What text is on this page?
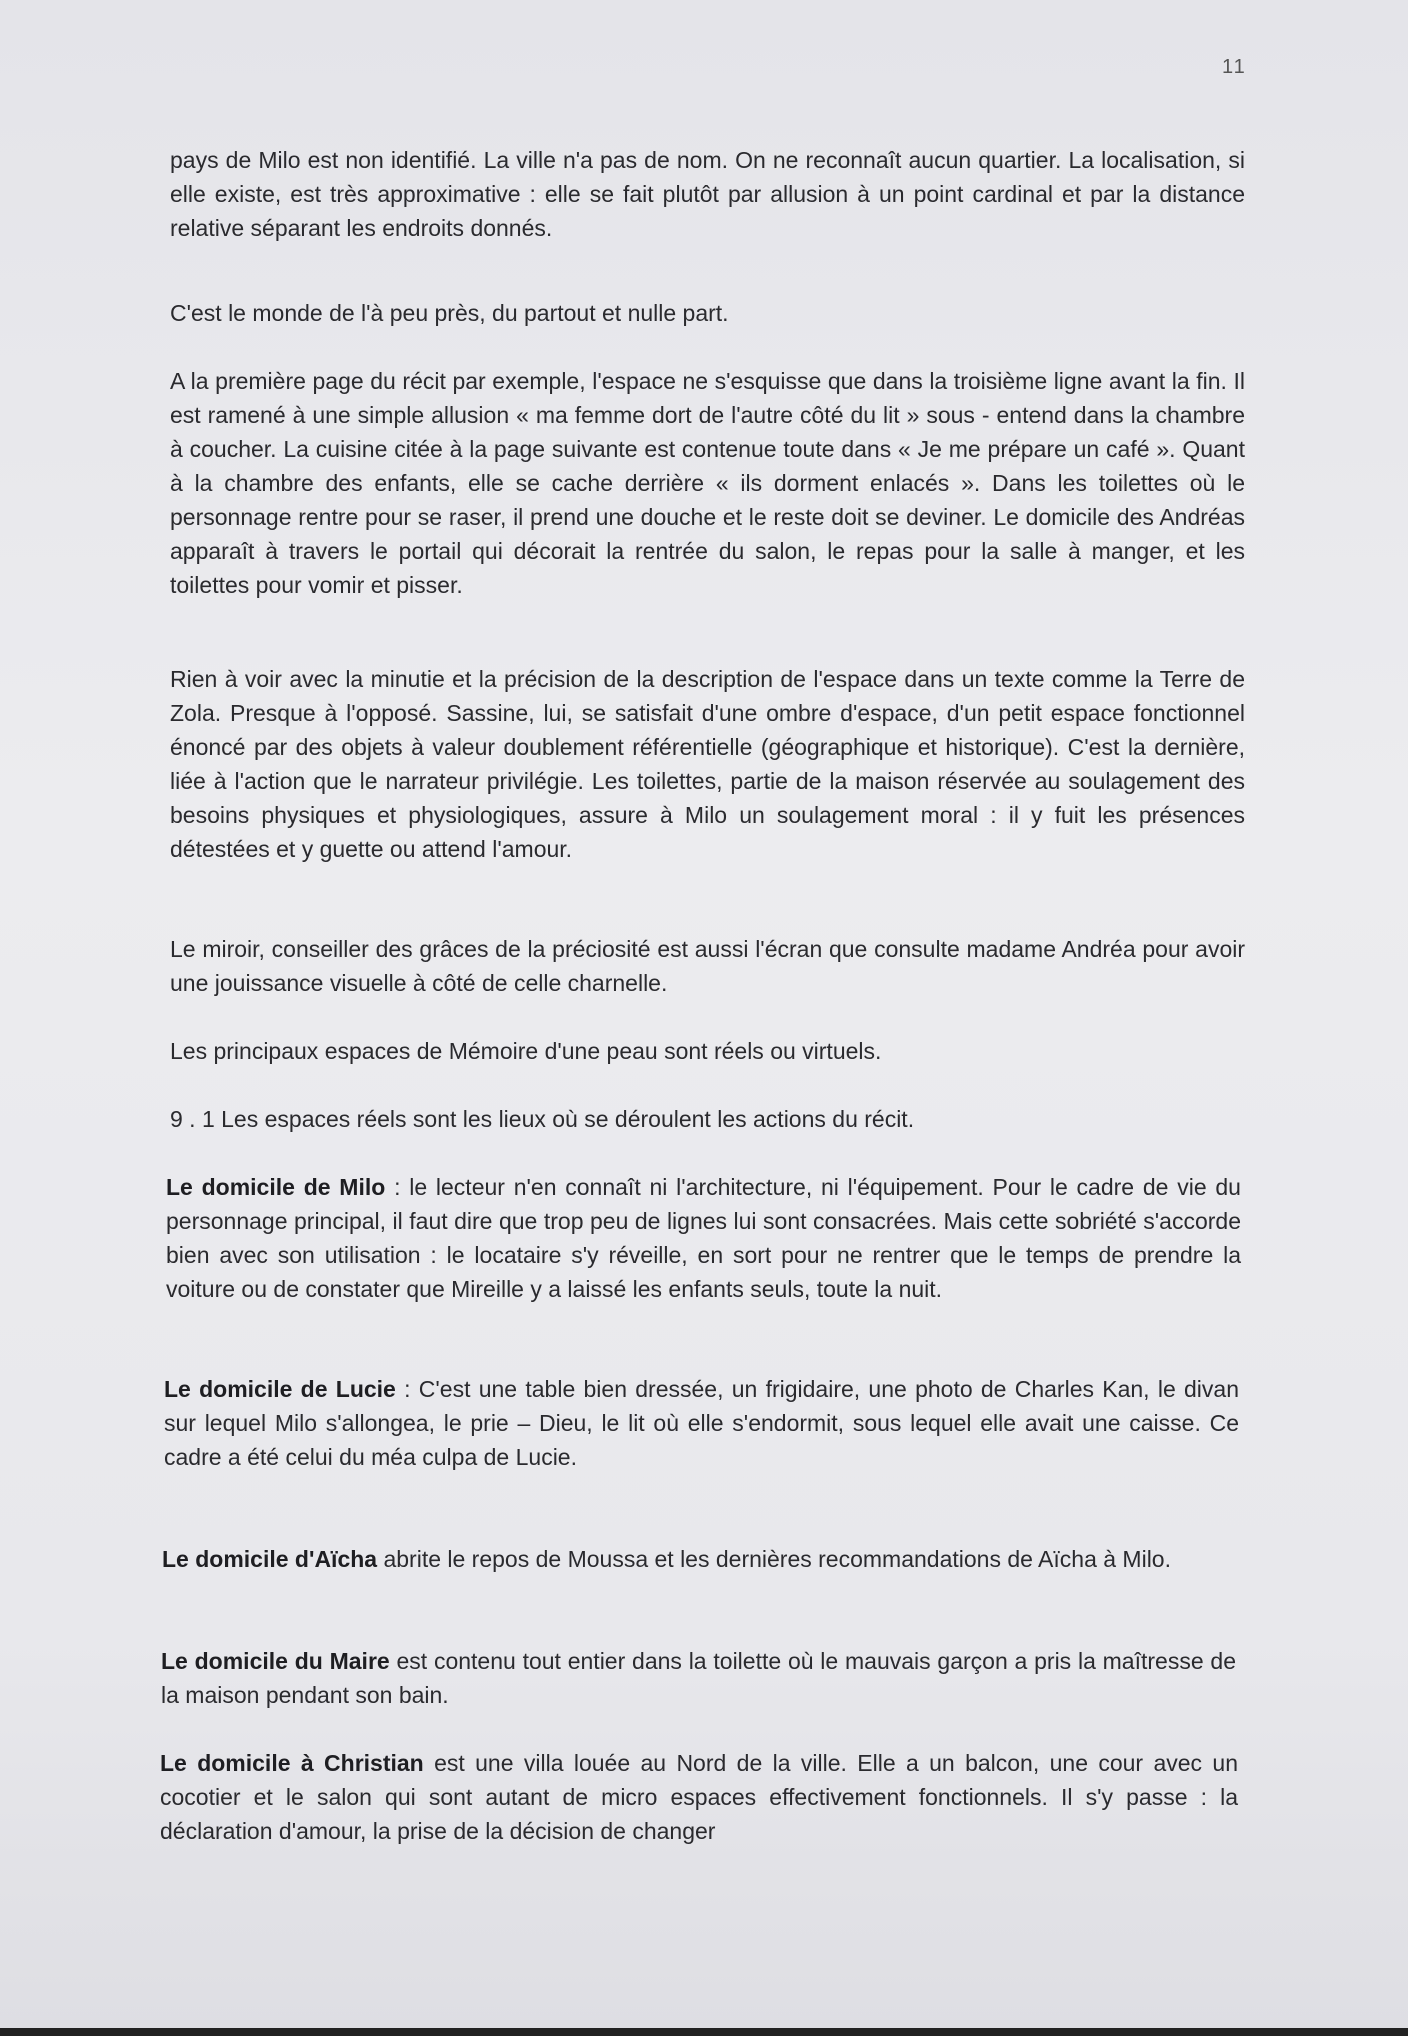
11

pays de Milo est non identifié. La ville n'a pas de nom. On ne reconnaît aucun quartier. La localisation, si elle existe, est très approximative : elle se fait plutôt par allusion à un point cardinal et par la distance relative séparant les endroits donnés.

C'est le monde de l'à peu près, du partout et nulle part.

A la première page du récit par exemple, l'espace ne s'esquisse que dans la troisième ligne avant la fin. Il est ramené à une simple allusion « ma femme dort de l'autre côté du lit » sous - entend dans la chambre à coucher. La cuisine citée à la page suivante est contenue toute dans « Je me prépare un café ». Quant à la chambre des enfants, elle se cache derrière « ils dorment enlacés ». Dans les toilettes où le personnage rentre pour se raser, il prend une douche et le reste doit se deviner. Le domicile des Andréas apparaît à travers le portail qui décorait la rentrée du salon, le repas pour la salle à manger, et les toilettes pour vomir et pisser.

Rien à voir avec la minutie et la précision de la description de l'espace dans un texte comme la Terre de Zola. Presque à l'opposé. Sassine, lui, se satisfait d'une ombre d'espace, d'un petit espace fonctionnel énoncé par des objets à valeur doublement référentielle (géographique et historique). C'est la dernière, liée à l'action que le narrateur privilégie. Les toilettes, partie de la maison réservée au soulagement des besoins physiques et physiologiques, assure à Milo un soulagement moral : il y fuit les présences détestées et y guette ou attend l'amour.

Le miroir, conseiller des grâces de la préciosité est aussi l'écran que consulte madame Andréa pour avoir une jouissance visuelle à côté de celle charnelle.

Les principaux espaces de Mémoire d'une peau sont réels ou virtuels.

9 . 1 Les espaces réels sont les lieux où se déroulent les actions du récit.

Le domicile de Milo : le lecteur n'en connaît ni l'architecture, ni l'équipement. Pour le cadre de vie du personnage principal, il faut dire que trop peu de lignes lui sont consacrées. Mais cette sobriété s'accorde bien avec son utilisation : le locataire s'y réveille, en sort pour ne rentrer que le temps de prendre la voiture ou de constater que Mireille y a laissé les enfants seuls, toute la nuit.

Le domicile de Lucie : C'est une table bien dressée, un frigidaire, une photo de Charles Kan, le divan sur lequel Milo s'allongea, le prie – Dieu, le lit où elle s'endormit, sous lequel elle avait une caisse. Ce cadre a été celui du méa culpa de Lucie.

Le domicile d'Aïcha abrite le repos de Moussa et les dernières recommandations de Aïcha à Milo.

Le domicile du Maire est contenu tout entier dans la toilette où le mauvais garçon a pris la maîtresse de la maison pendant son bain.

Le domicile à Christian est une villa louée au Nord de la ville. Elle a un balcon, une cour avec un cocotier et le salon qui sont autant de micro espaces effectivement fonctionnels. Il s'y passe : la déclaration d'amour, la prise de la décision de changer
